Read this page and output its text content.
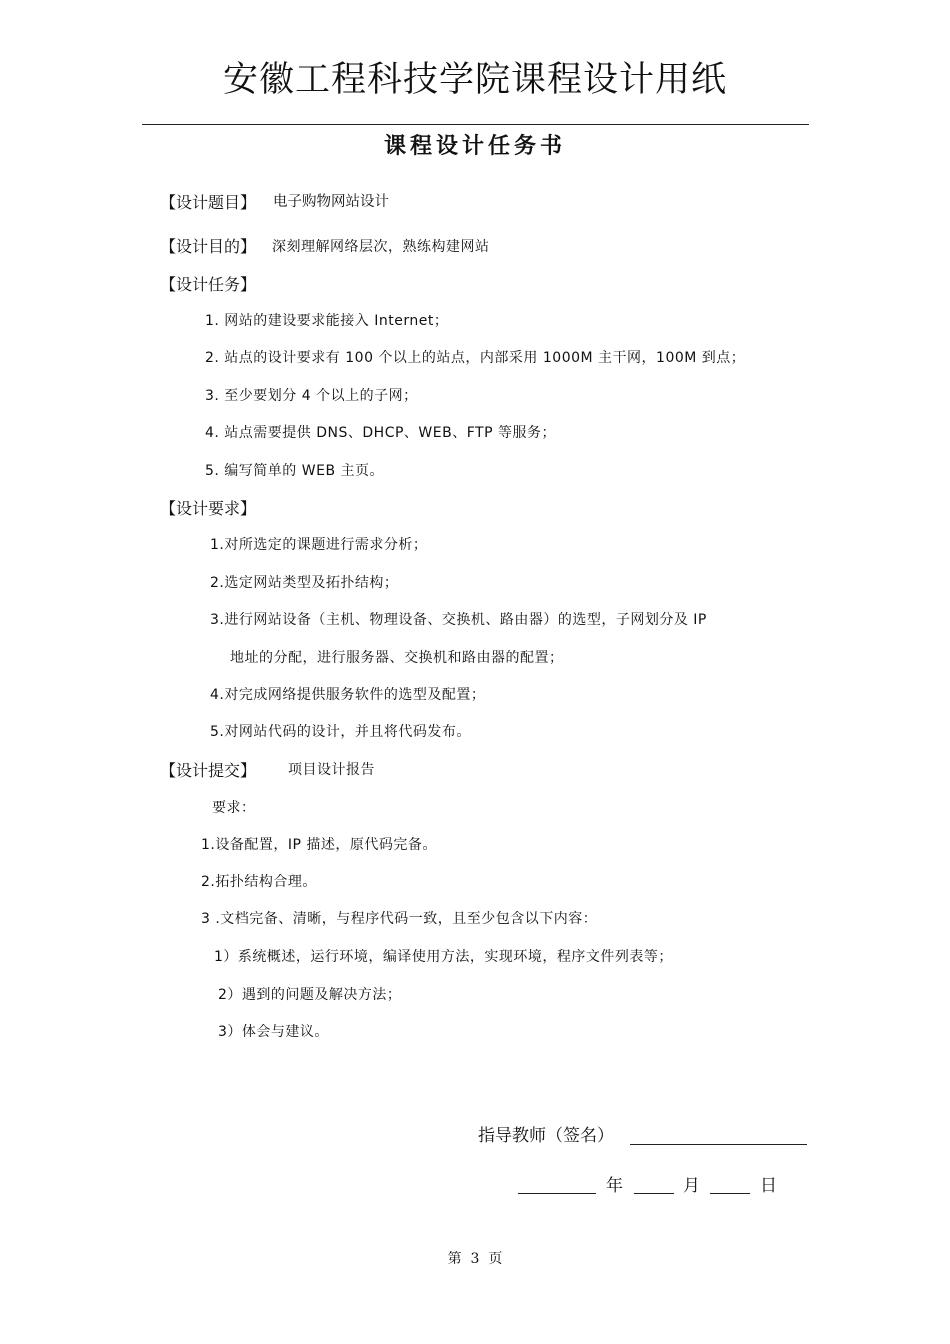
安徽工程科技学院课程设计用纸
课程设计任务书
【设计题目】 电子购物网站设计
【设计目的】 深刻理解网络层次，熟练构建网站
【设计任务】
1. 网站的建设要求能接入 Internet；
2. 站点的设计要求有 100 个以上的站点，内部采用 1000M 主干网，100M 到点；
3. 至少要划分 4 个以上的子网；
4. 站点需要提供 DNS、DHCP、WEB、FTP 等服务；
5. 编写简单的 WEB 主页。
【设计要求】
1.对所选定的课题进行需求分析；
2.选定网站类型及拓扑结构；
3.进行网站设备（主机、物理设备、交换机、路由器）的选型，子网划分及 IP
地址的分配，进行服务器、交换机和路由器的配置；
4.对完成网络提供服务软件的选型及配置；
5.对网站代码的设计，并且将代码发布。
【设计提交】 项目设计报告
要求：
1.设备配置，IP 描述，原代码完备。
2.拓扑结构合理。
3 .文档完备、清晰，与程序代码一致，且至少包含以下内容：
1）系统概述，运行环境，编译使用方法，实现环境，程序文件列表等；
2）遇到的问题及解决方法；
3）体会与建议。
指导教师（签名）
年	月	日
第  3  页
